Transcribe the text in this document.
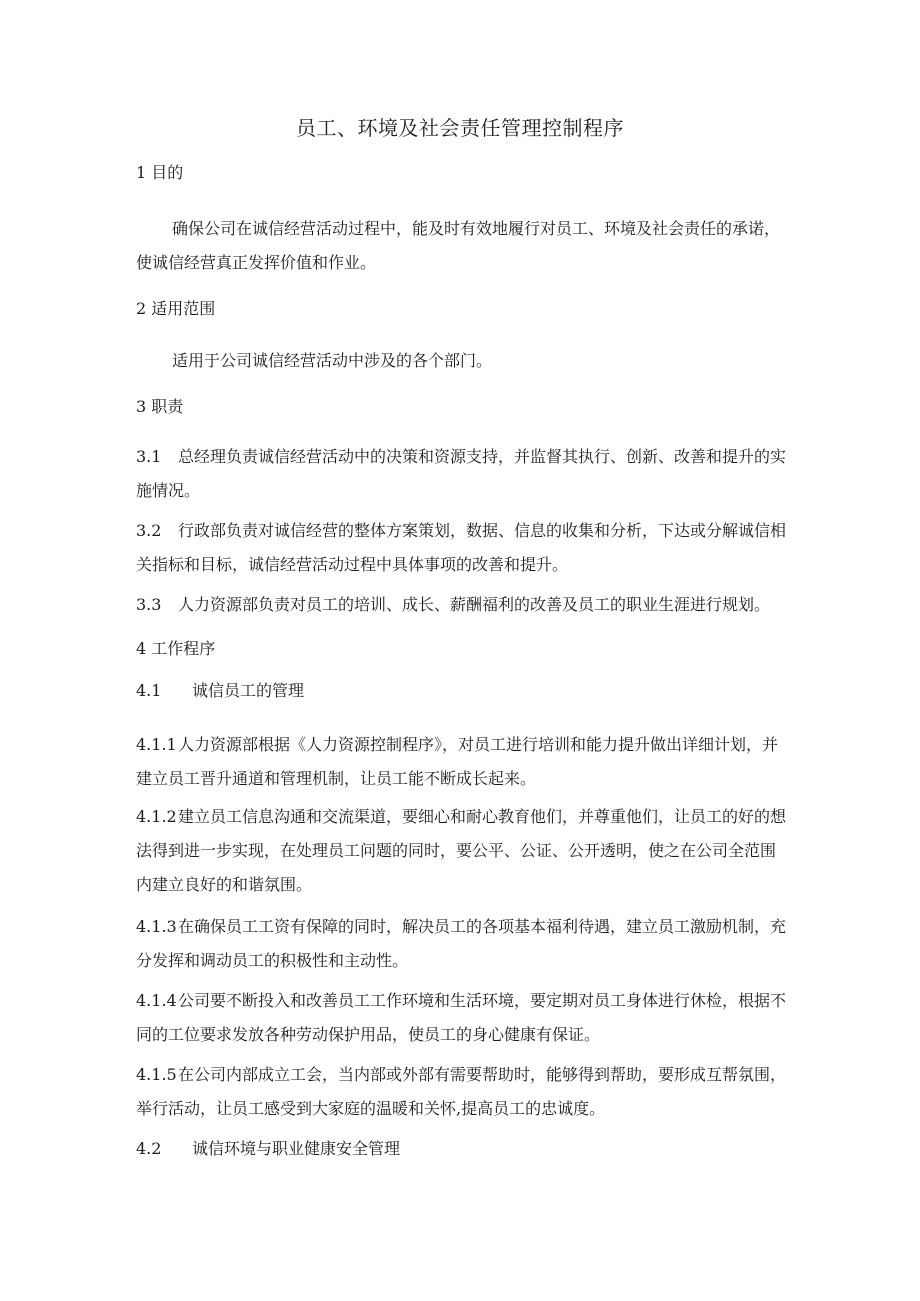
员工、环境及社会责任管理控制程序
1 目的

确保公司在诚信经营活动过程中，能及时有效地履行对员工、环境及社会责任的承诺，使诚信经营真正发挥价值和作业。

2 适用范围

适用于公司诚信经营活动中涉及的各个部门。

3 职责

3.1 总经理负责诚信经营活动中的决策和资源支持，并监督其执行、创新、改善和提升的实施情况。

3.2 行政部负责对诚信经营的整体方案策划，数据、信息的收集和分析，下达或分解诚信相关指标和目标，诚信经营活动过程中具体事项的改善和提升。

3.3 人力资源部负责对员工的培训、成长、薪酬福利的改善及员工的职业生涯进行规划。

4 工作程序
4.1 诚信员工的管理

4.1.1人力资源部根据《人力资源控制程序》，对员工进行培训和能力提升做出详细计划，并建立员工晋升通道和管理机制，让员工能不断成长起来。

4.1.2建立员工信息沟通和交流渠道，要细心和耐心教育他们，并尊重他们，让员工的好的想法得到进一步实现，在处理员工问题的同时，要公平、公证、公开透明，使之在公司全范围内建立良好的和谐氛围。

4.1.3在确保员工工资有保障的同时，解决员工的各项基本福利待遇，建立员工激励机制，充分发挥和调动员工的积极性和主动性。

4.1.4公司要不断投入和改善员工工作环境和生活环境，要定期对员工身体进行休检，根据不同的工位要求发放各种劳动保护用品，使员工的身心健康有保证。

4.1.5在公司内部成立工会，当内部或外部有需要帮助时，能够得到帮助，要形成互帮氛围，举行活动，让员工感受到大家庭的温暖和关怀,提高员工的忠诚度。

4.2 诚信环境与职业健康安全管理
